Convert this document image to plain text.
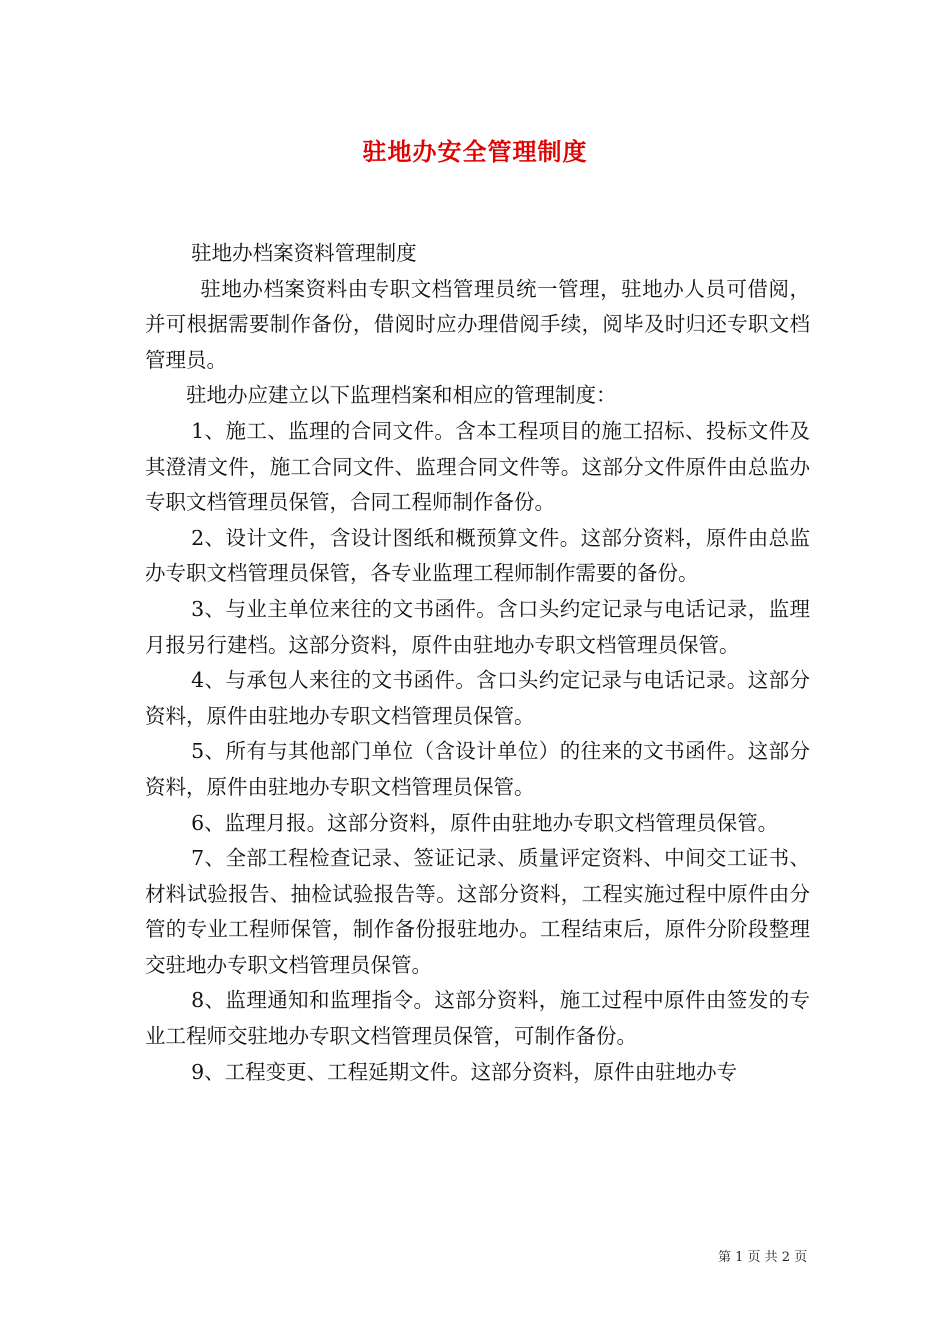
驻地办安全管理制度

驻地办档案资料管理制度

驻地办档案资料由专职文档管理员统一管理，驻地办人员可借阅，并可根据需要制作备份，借阅时应办理借阅手续，阅毕及时归还专职文档管理员。

驻地办应建立以下监理档案和相应的管理制度：

1、施工、监理的合同文件。含本工程项目的施工招标、投标文件及其澄清文件，施工合同文件、监理合同文件等。这部分文件原件由总监办专职文档管理员保管，合同工程师制作备份。

2、设计文件，含设计图纸和概预算文件。这部分资料，原件由总监办专职文档管理员保管，各专业监理工程师制作需要的备份。

3、与业主单位来往的文书函件。含口头约定记录与电话记录，监理月报另行建档。这部分资料，原件由驻地办专职文档管理员保管。

4、与承包人来往的文书函件。含口头约定记录与电话记录。这部分资料，原件由驻地办专职文档管理员保管。

5、所有与其他部门单位（含设计单位）的往来的文书函件。这部分资料，原件由驻地办专职文档管理员保管。

6、监理月报。这部分资料，原件由驻地办专职文档管理员保管。

7、全部工程检查记录、签证记录、质量评定资料、中间交工证书、材料试验报告、抽检试验报告等。这部分资料，工程实施过程中原件由分管的专业工程师保管，制作备份报驻地办。工程结束后，原件分阶段整理交驻地办专职文档管理员保管。

8、监理通知和监理指令。这部分资料，施工过程中原件由签发的专业工程师交驻地办专职文档管理员保管，可制作备份。

9、工程变更、工程延期文件。这部分资料，原件由驻地办专

第 1 页 共 2 页
